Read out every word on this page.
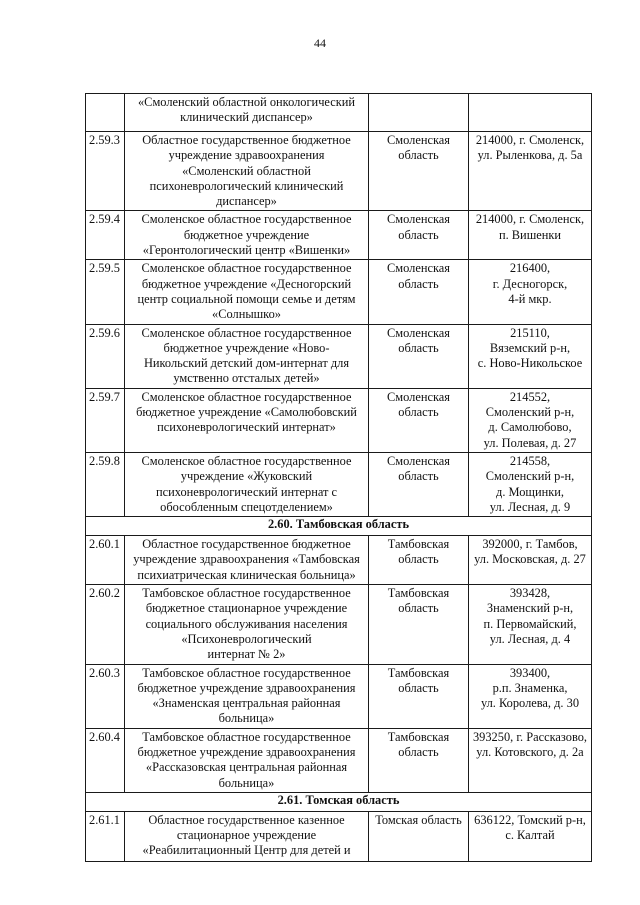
44

	«Смоленский областной онкологический
клинический диспансер»		

2.59.3	Областное государственное бюджетное
учреждение здравоохранения
«Смоленский областной
психоневрологический клинический
диспансер»	Смоленская
область	214000, г. Смоленск,
ул. Рыленкова, д. 5а

2.59.4	Смоленское областное государственное
бюджетное учреждение
«Геронтологический центр «Вишенки»	Смоленская
область	214000, г. Смоленск,
п. Вишенки

2.59.5	Смоленское областное государственное
бюджетное учреждение «Десногорский
центр социальной помощи семье и детям
«Солнышко»	Смоленская
область	216400,
г. Десногорск,
4-й мкр.

2.59.6	Смоленское областное государственное
бюджетное учреждение «Ново-
Никольский детский дом-интернат для
умственно отсталых детей»	Смоленская
область	215110,
Вяземский р-н,
с. Ново-Никольское

2.59.7	Смоленское областное государственное
бюджетное учреждение «Самолюбовский
психоневрологический интернат»	Смоленская
область	214552,
Смоленский р-н,
д. Самолюбово,
ул. Полевая, д. 27

2.59.8	Смоленское областное государственное
учреждение «Жуковский
психоневрологический интернат с
обособленным спецотделением»	Смоленская
область	214558,
Смоленский р-н,
д. Мощинки,
ул. Лесная, д. 9

2.60. Тамбовская область			
2.60.1	Областное государственное бюджетное
учреждение здравоохранения «Тамбовская
психиатрическая клиническая больница»	Тамбовская
область	392000, г. Тамбов,
ул. Московская, д. 27

2.60.2	Тамбовское областное государственное
бюджетное стационарное учреждение
социального обслуживания населения
«Психоневрологический
интернат № 2»	Тамбовская
область	393428,
Знаменский р-н,
п. Первомайский,
ул. Лесная, д. 4

2.60.3	Тамбовское областное государственное
бюджетное учреждение здравоохранения
«Знаменская центральная районная
больница»	Тамбовская
область	393400,
р.п. Знаменка,
ул. Королева, д. 30

2.60.4	Тамбовское областное государственное
бюджетное учреждение здравоохранения
«Рассказовская центральная районная
больница»	Тамбовская
область	393250, г. Рассказово,
ул. Котовского, д. 2а

2.61. Томская область			
2.61.1	Областное государственное казенное
стационарное учреждение
«Реабилитационный Центр для детей и	Томская область	636122, Томский р-н,
с. Калтай
